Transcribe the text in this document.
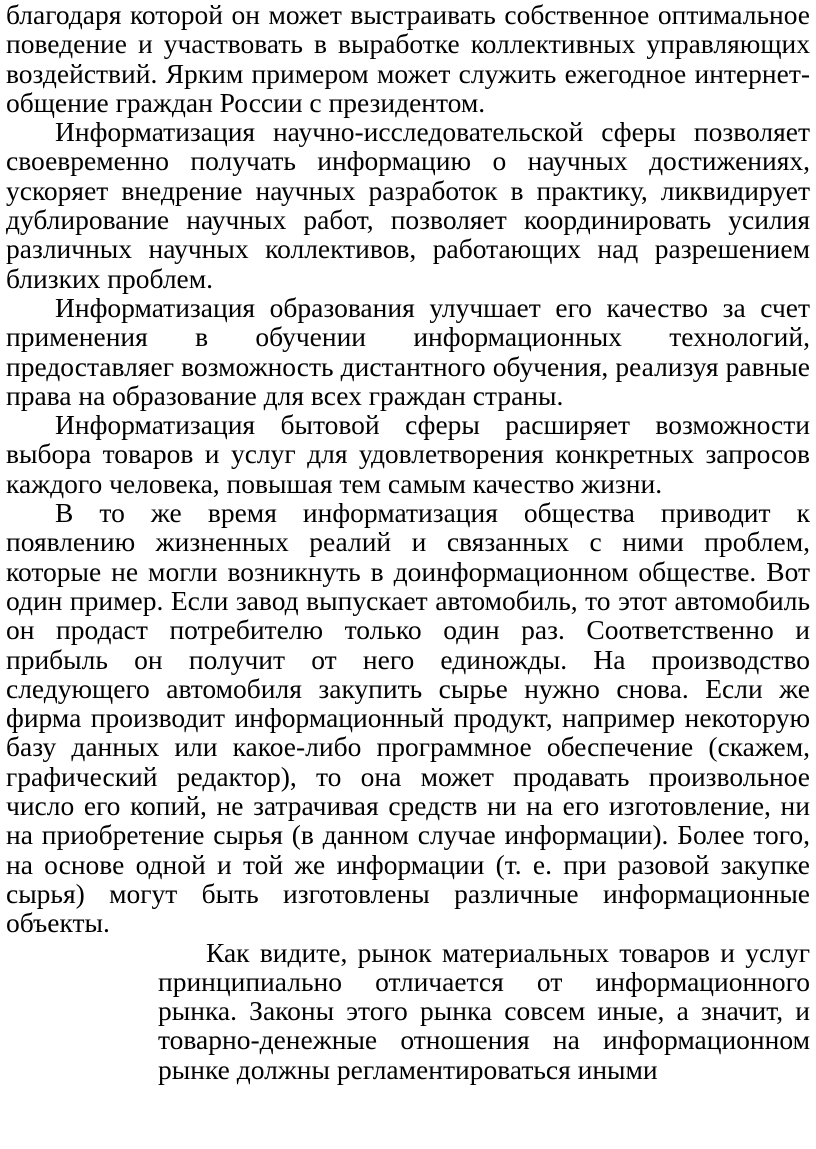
благодаря которой он может выстраивать собственное оптимальное поведение и участвовать в выработке коллективных управляющих воздействий. Ярким примером может служить ежегодное интернет-общение граждан России с президентом.

Информатизация научно-исследовательской сферы позволяет своевременно получать информацию о научных достижениях, ускоряет внедрение научных разработок в практику, ликвидирует дублирование научных работ, позволяет координировать усилия различных научных коллективов, работающих над разрешением близких проблем.

Информатизация образования улучшает его качество за счет применения в обучении информационных технологий, предоставляег возможность дистантного обучения, реализуя равные права на образование для всех граждан страны.

Информатизация бытовой сферы расширяет возможности выбора товаров и услуг для удовлетворения конкретных запросов каждого человека, повышая тем самым качество жизни.

В то же время информатизация общества приводит к появлению жизненных реалий и связанных с ними проблем, которые не могли возникнуть в доинформационном обществе. Вот один пример. Если завод выпускает автомобиль, то этот автомобиль он продаст потребителю только один раз. Соответственно и прибыль он получит от него единожды. На производство следующего автомобиля закупить сырье нужно снова. Если же фирма производит информационный продукт, например некоторую базу данных или какое-либо программное обеспечение (скажем, графический редактор), то она может продавать произвольное число его копий, не затрачивая средств ни на его изготовление, ни на приобретение сырья (в данном случае информации). Более того, на основе одной и той же информации (т. е. при разовой закупке сырья) могут быть изготовлены различные информационные объекты.

Как видите, рынок материальных товаров и услуг принципиально отличается от информационного рынка. Законы этого рынка совсем иные, а значит, и товарно-денежные отношения на информационном рынке должны регламентироваться иными
